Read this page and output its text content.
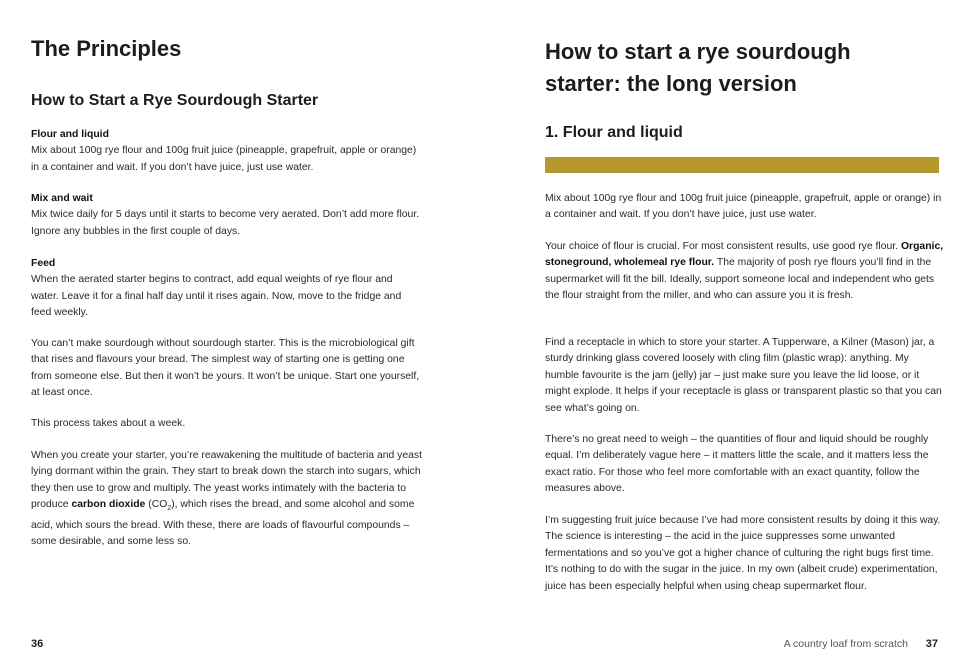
The Principles
How to Start a Rye Sourdough Starter
Flour and liquid

Mix about 100g rye flour and 100g fruit juice (pineapple, grapefruit, apple or orange) in a container and wait. If you don’t have juice, just use water.

Mix and wait

Mix twice daily for 5 days until it starts to become very aerated. Don’t add more flour. Ignore any bubbles in the first couple of days.

Feed

When the aerated starter begins to contract, add equal weights of rye flour and water. Leave it for a final half day until it rises again. Now, move to the fridge and feed weekly.

You can’t make sourdough without sourdough starter. This is the microbiological gift that rises and flavours your bread. The simplest way of starting one is getting one from someone else. But then it won’t be yours. It won’t be unique. Start one yourself, at least once.

This process takes about a week.

When you create your starter, you’re reawakening the multitude of bacteria and yeast lying dormant within the grain. They start to break down the starch into sugars, which they then use to grow and multiply. The yeast works intimately with the bacteria to produce carbon dioxide $(CO_2)$, which rises the bread, and some alcohol and some acid, which sours the bread. With these, there are loads of flavourful compounds – some desirable, and some less so.

36
How to start a rye sourdough starter: the long version
1. Flour and liquid

Mix about 100g rye flour and 100g fruit juice (pineapple, grapefruit, apple or orange) in a container and wait. If you don’t have juice, just use water.

Your choice of flour is crucial. For most consistent results, use good rye flour. Organic, stoneground, wholemeal rye flour. The majority of posh rye flours you’ll find in the supermarket will fit the bill. Ideally, support someone local and independent who gets the flour straight from the miller, and who can assure you it is fresh.

Find a receptacle in which to store your starter. A Tupperware, a Kilner (Mason) jar, a sturdy drinking glass covered loosely with cling film (plastic wrap): anything. My humble favourite is the jam (jelly) jar – just make sure you leave the lid loose, or it might explode. It helps if your receptacle is glass or transparent plastic so that you can see what’s going on.

There’s no great need to weigh – the quantities of flour and liquid should be roughly equal. I’m deliberately vague here – it matters little the scale, and it matters less the exact ratio. For those who feel more comfortable with an exact quantity, follow the measures above.

I’m suggesting fruit juice because I’ve had more consistent results by doing it this way. The science is interesting – the acid in the juice suppresses some unwanted fermentations and so you’ve got a higher chance of culturing the right bugs first time. It’s nothing to do with the sugar in the juice. In my own (albeit crude) experimentation, juice has been especially helpful when using cheap supermarket flour.

A country loaf from scratch 37
